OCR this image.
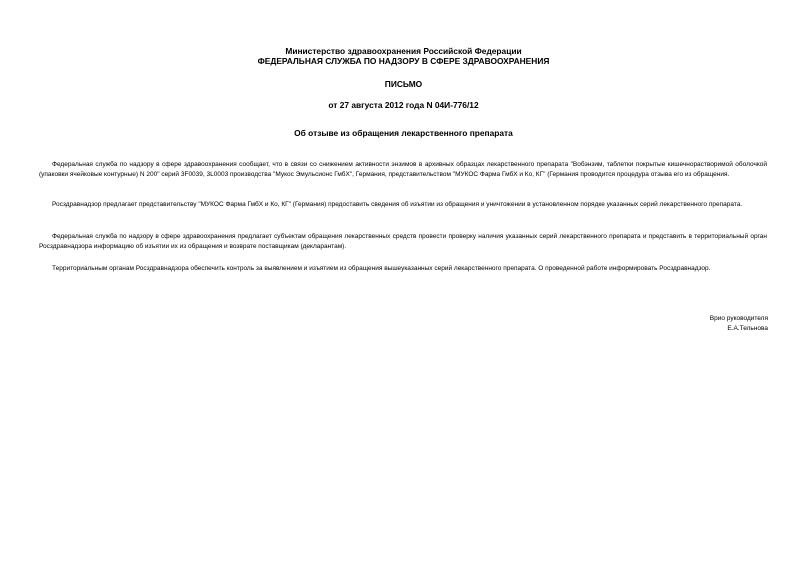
Министерство здравоохранения Российской Федерации
ФЕДЕРАЛЬНАЯ СЛУЖБА ПО НАДЗОРУ В СФЕРЕ ЗДРАВООХРАНЕНИЯ
ПИСЬМО
от 27 августа 2012 года N 04И-776/12
Об отзыве из обращения лекарственного препарата

Федеральная служба по надзору в сфере здравоохранения сообщает, что в связи со снижением активности энзимов в архивных образцах лекарственного препарата "Вобэнзим, таблетки покрытые кишечнорастворимой оболочкой (упаковки ячейковые контурные) N 200" серий 3F0039, 3L0003 производства "Мукос Эмульсионс ГмбХ", Германия, представительством "МУКОС Фарма ГмбХ и Ко, КГ" (Германия проводится процедура отзыва его из обращения.

Росздравнадзор предлагает представительству "МУКОС Фарма ГмбХ и Ко, КГ" (Германия) предоставить сведения об изъятии из обращения и уничтожении в установленном порядке указанных серий лекарственного препарата.

Федеральная служба по надзору в сфере здравоохранения предлагает субъектам обращения лекарственных средств провести проверку наличия указанных серий лекарственного препарата и представить в территориальный орган Росздравнадзора информацию об изъятии их из обращения и возврате поставщикам (декларантам).

Территориальным органам Росздравнадзора обеспечить контроль за выявлением и изъятием из обращения вышеуказанных серий лекарственного препарата. О проведенной работе информировать Росздравнадзор.

Врио руководителя
Е.А.Тельнова
